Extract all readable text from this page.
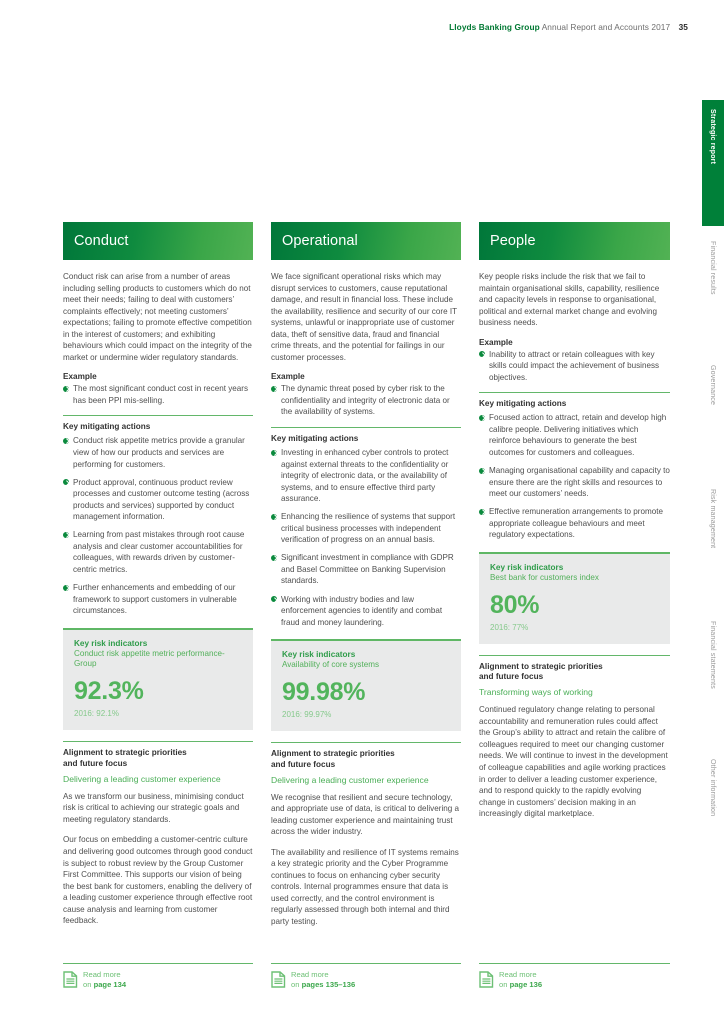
Lloyds Banking Group Annual Report and Accounts 2017 35
Strategic report
Financial results
Governance
Risk management
Financial statements
Other information
Conduct

Conduct risk can arise from a number of areas including selling products to customers which do not meet their needs; failing to deal with customers’ complaints effectively; not meeting customers’ expectations; failing to promote effective competition in the interest of customers; and exhibiting behaviours which could impact on the integrity of the market or undermine wider regulatory standards.

Example
The most significant conduct cost in recent years has been PPI mis-selling.
Key mitigating actions
Conduct risk appetite metrics provide a granular view of how our products and services are performing for customers.
Product approval, continuous product review processes and customer outcome testing (across products and services) supported by conduct management information.
Learning from past mistakes through root cause analysis and clear customer accountabilities for colleagues, with rewards driven by customer-centric metrics.
Further enhancements and embedding of our framework to support customers in vulnerable circumstances.
Key risk indicators
Conduct risk appetite metric performance-Group
92.3%
2016: 92.1%
Alignment to strategic priorities
and future focus
Delivering a leading customer experience

As we transform our business, minimising conduct risk is critical to achieving our strategic goals and meeting regulatory standards.

Our focus on embedding a customer-centric culture and delivering good outcomes through good conduct is subject to robust review by the Group Customer First Committee. This supports our vision of being the best bank for customers, enabling the delivery of a leading customer experience through effective root cause analysis and learning from customer feedback.

Operational

We face significant operational risks which may disrupt services to customers, cause reputational damage, and result in financial loss. These include the availability, resilience and security of our core IT systems, unlawful or inappropriate use of customer data, theft of sensitive data, fraud and financial crime threats, and the potential for failings in our customer processes.

Example
The dynamic threat posed by cyber risk to the confidentiality and integrity of electronic data or the availability of systems.
Key mitigating actions
Investing in enhanced cyber controls to protect against external threats to the confidentiality or integrity of electronic data, or the availability of systems, and to ensure effective third party assurance.
Enhancing the resilience of systems that support critical business processes with independent verification of progress on an annual basis.
Significant investment in compliance with GDPR and Basel Committee on Banking Supervision standards.
Working with industry bodies and law enforcement agencies to identify and combat fraud and money laundering.
Key risk indicators
Availability of core systems
99.98%
2016: 99.97%
Alignment to strategic priorities
and future focus
Delivering a leading customer experience

We recognise that resilient and secure technology, and appropriate use of data, is critical to delivering a leading customer experience and maintaining trust across the wider industry.

The availability and resilience of IT systems remains a key strategic priority and the Cyber Programme continues to focus on enhancing cyber security controls. Internal programmes ensure that data is used correctly, and the control environment is regularly assessed through both internal and third party testing.

People

Key people risks include the risk that we fail to maintain organisational skills, capability, resilience and capacity levels in response to organisational, political and external market change and evolving business needs.

Example
Inability to attract or retain colleagues with key skills could impact the achievement of business objectives.
Key mitigating actions
Focused action to attract, retain and develop high calibre people. Delivering initiatives which reinforce behaviours to generate the best outcomes for customers and colleagues.
Managing organisational capability and capacity to ensure there are the right skills and resources to meet our customers’ needs.
Effective remuneration arrangements to promote appropriate colleague behaviours and meet regulatory expectations.
Key risk indicators
Best bank for customers index
80%
2016: 77%
Alignment to strategic priorities
and future focus
Transforming ways of working

Continued regulatory change relating to personal accountability and remuneration rules could affect the Group’s ability to attract and retain the calibre of colleagues required to meet our changing customer needs. We will continue to invest in the development of colleague capabilities and agile working practices in order to deliver a leading customer experience, and to respond quickly to the rapidly evolving change in customers’ decision making in an increasingly digital marketplace.

Read more
on page 134
Read more
on pages 135–136
Read more
on page 136
